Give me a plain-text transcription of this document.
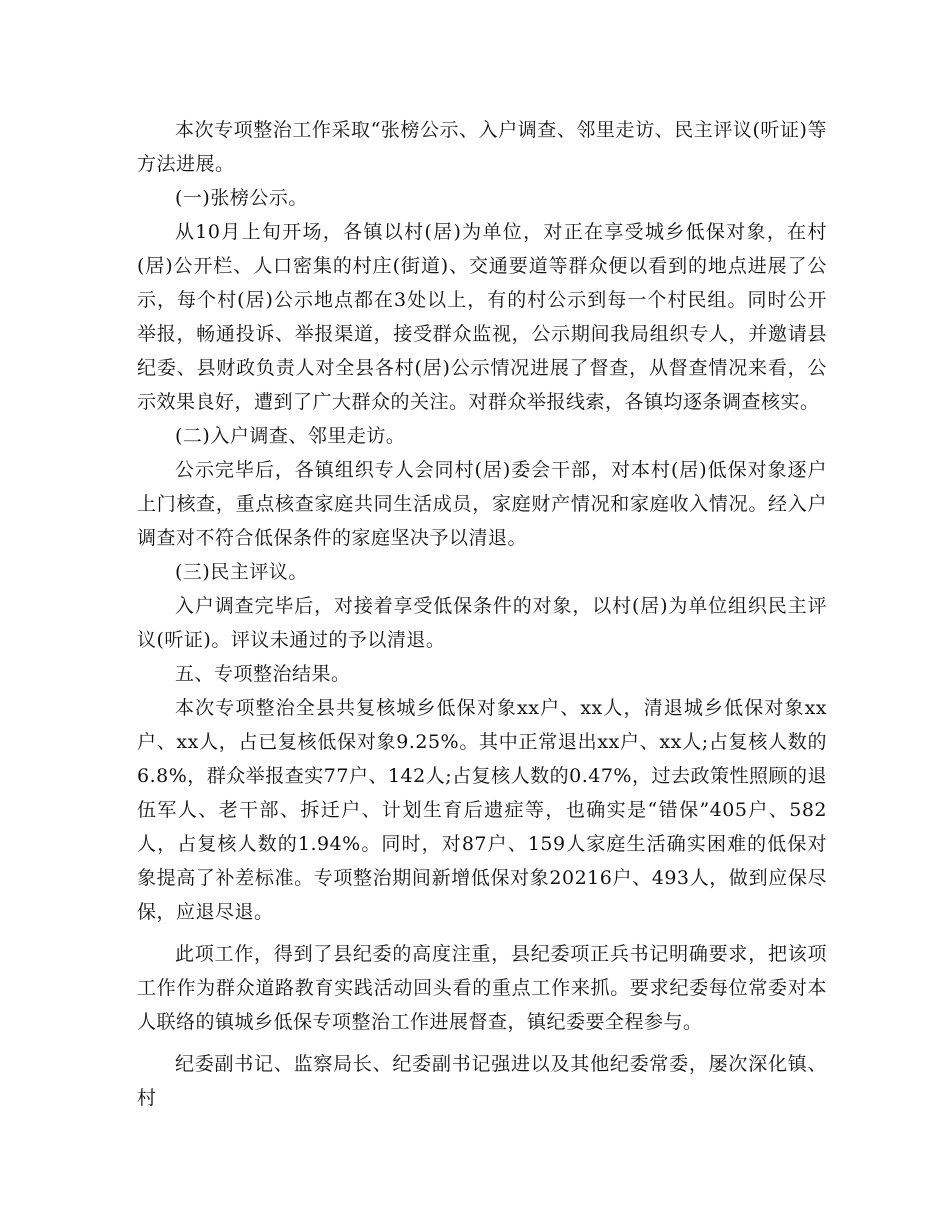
本次专项整治工作采取“张榜公示、入户调查、邻里走访、民主评议(听证)等方法进展。

(一)张榜公示。

从10月上旬开场，各镇以村(居)为单位，对正在享受城乡低保对象，在村(居)公开栏、人口密集的村庄(街道)、交通要道等群众便以看到的地点进展了公示，每个村(居)公示地点都在3处以上，有的村公示到每一个村民组。同时公开举报，畅通投诉、举报渠道，接受群众监视，公示期间我局组织专人，并邀请县纪委、县财政负责人对全县各村(居)公示情况进展了督查，从督查情况来看，公示效果良好，遭到了广大群众的关注。对群众举报线索，各镇均逐条调查核实。

(二)入户调查、邻里走访。

公示完毕后，各镇组织专人会同村(居)委会干部，对本村(居)低保对象逐户上门核查，重点核查家庭共同生活成员，家庭财产情况和家庭收入情况。经入户调查对不符合低保条件的家庭坚决予以清退。

(三)民主评议。

入户调查完毕后，对接着享受低保条件的对象，以村(居)为单位组织民主评议(听证)。评议未通过的予以清退。

五、专项整治结果。

本次专项整治全县共复核城乡低保对象xx户、xx人，清退城乡低保对象xx户、xx人，占已复核低保对象9.25%。其中正常退出xx户、xx人;占复核人数的6.8%，群众举报查实77户、142人;占复核人数的0.47%，过去政策性照顾的退伍军人、老干部、拆迁户、计划生育后遗症等，也确实是“错保”405户、582人，占复核人数的1.94%。同时，对87户、159人家庭生活确实困难的低保对象提高了补差标准。专项整治期间新增低保对象20216户、493人，做到应保尽保，应退尽退。

此项工作，得到了县纪委的高度注重，县纪委项正兵书记明确要求，把该项工作作为群众道路教育实践活动回头看的重点工作来抓。要求纪委每位常委对本人联络的镇城乡低保专项整治工作进展督查，镇纪委要全程参与。

纪委副书记、监察局长、纪委副书记强进以及其他纪委常委，屡次深化镇、村
